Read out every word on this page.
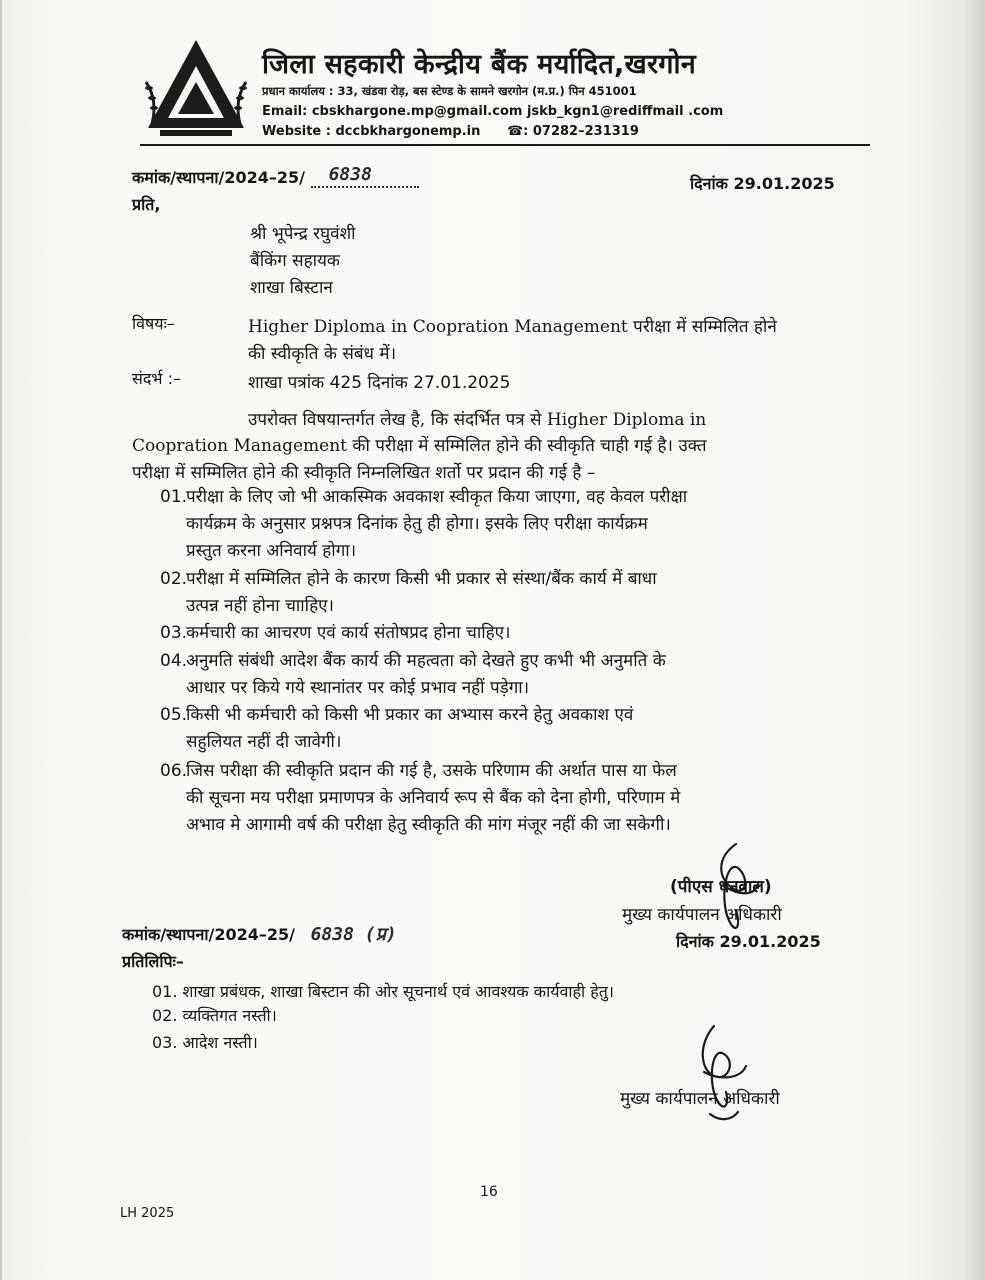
जिला सहकारी केन्द्रीय बैंक मर्यादित,खरगोन
प्रधान कार्यालय : 33, खंडवा रोड़, बस स्टेण्ड के सामने खरगोन (म.प्र.) पिन 451001
Email: cbskhargone.mp@gmail.com jskb_kgn1@rediffmail .com
Website : dccbkhargonemp.in ☎: 07282–231319
कमांक/स्थापना/2024–25/ 6838	दिनांक 29.01.2025
प्रति,
श्री भूपेन्द्र रघुवंशी
बैंकिंग सहायक
शाखा बिस्टान
विषयः–	Higher Diploma in Coopration Management परीक्षा में सम्मिलित होने
की स्वीकृति के संबंध में।
संदर्भ :–	शाखा पत्रांक 425 दिनांक 27.01.2025
उपरोक्त विषयान्तर्गत लेख है, कि संदर्भित पत्र से Higher Diploma in
Coopration Management की परीक्षा में सम्मिलित होने की स्वीकृति चाही गई है। उक्त
परीक्षा में सम्मिलित होने की स्वीकृति निम्नलिखित शर्तो पर प्रदान की गई है –
01.
परीक्षा के लिए जो भी आकस्मिक अवकाश स्वीकृत किया जाएगा, वह केवल परीक्षा
कार्यक्रम के अनुसार प्रश्नपत्र दिनांक हेतु ही होगा। इसके लिए परीक्षा कार्यक्रम
प्रस्तुत करना अनिवार्य होगा।
02.
परीक्षा में सम्मिलित होने के कारण किसी भी प्रकार से संस्था/बैंक कार्य में बाधा
उत्पन्न नहीं होना चााहिए।
03.
कर्मचारी का आचरण एवं कार्य संतोषप्रद होना चाहिए।
04.
अनुमति संबंधी आदेश बैंक कार्य की महत्वता को देखते हुए कभी भी अनुमति के
आधार पर किये गये स्थानांतर पर कोई प्रभाव नहीं पड़ेगा।
05.
किसी भी कर्मचारी को किसी भी प्रकार का अभ्यास करने हेतु अवकाश एवं
सहुलियत नहीं दी जावेगी।
06.
जिस परीक्षा की स्वीकृति प्रदान की गई है, उसके परिणाम की अर्थात पास या फेल
की सूचना मय परीक्षा प्रमाणपत्र के अनिवार्य रूप से बैंक को देना होगी, परिणाम मे
अभाव मे आगामी वर्ष की परीक्षा हेतु स्वीकृति की मांग मंजूर नहीं की जा सकेगी।
(पीएस धनवाल)
मुख्य कार्यपालन अधिकारी
दिनांक 29.01.2025
कमांक/स्थापना/2024–25/ 6838 (प्र)
प्रतिलिपिः–
01. शाखा प्रबंधक, शाखा बिस्टान की ओर सूचनार्थ एवं आवश्यक कार्यवाही हेतु।
02. व्यक्तिगत नस्ती।
03. आदेश नस्ती।
मुख्य कार्यपालन अधिकारी
16
LH 2025
